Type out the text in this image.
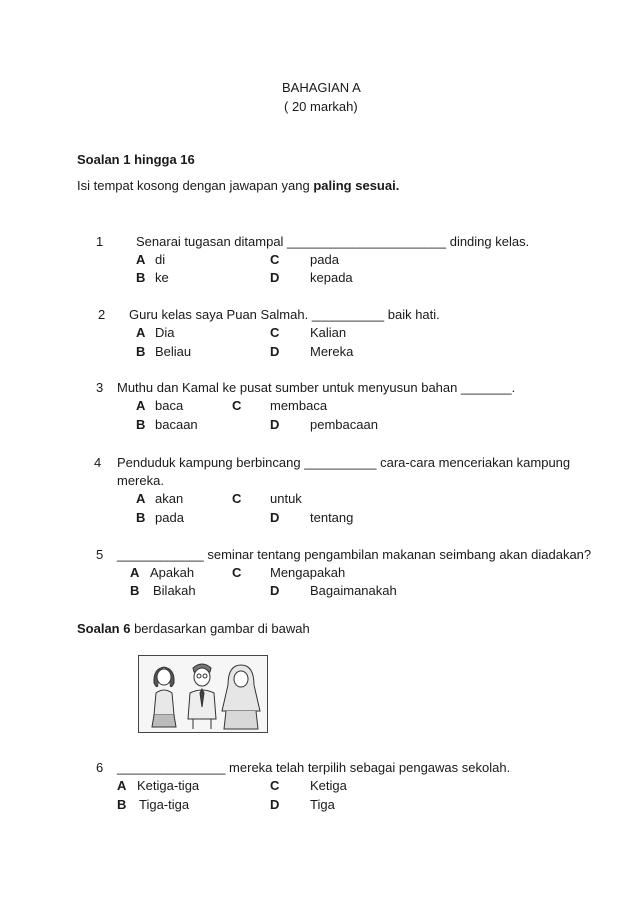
BAHAGIAN A
( 20 markah)
Soalan 1 hingga 16
Isi tempat kosong dengan jawapan yang paling sesuai.
1	Senarai tugasan ditampal ______________________ dinding kelas.
A di	C pada
B ke	D kepada
2 Guru kelas saya Puan Salmah. __________ baik hati.
A Dia	C Kalian
B Beliau	D Mereka
3 Muthu dan Kamal ke pusat sumber untuk menyusun bahan _______.
A baca	C membaca
B bacaan	D pembacaan
4 Penduduk kampung berbincang __________ cara-cara menceriakan kampung
mereka.
A akan	C untuk
B pada	D tentang
5 ____________ seminar tentang pengambilan makanan seimbang akan diadakan?
A Apakah	C Mengapakah
B Bilakah	D Bagaimanakah
Soalan 6 berdasarkan gambar di bawah
6 _______________ mereka telah terpilih sebagai pengawas sekolah.
A Ketiga-tiga	C Ketiga
B Tiga-tiga	D Tiga
